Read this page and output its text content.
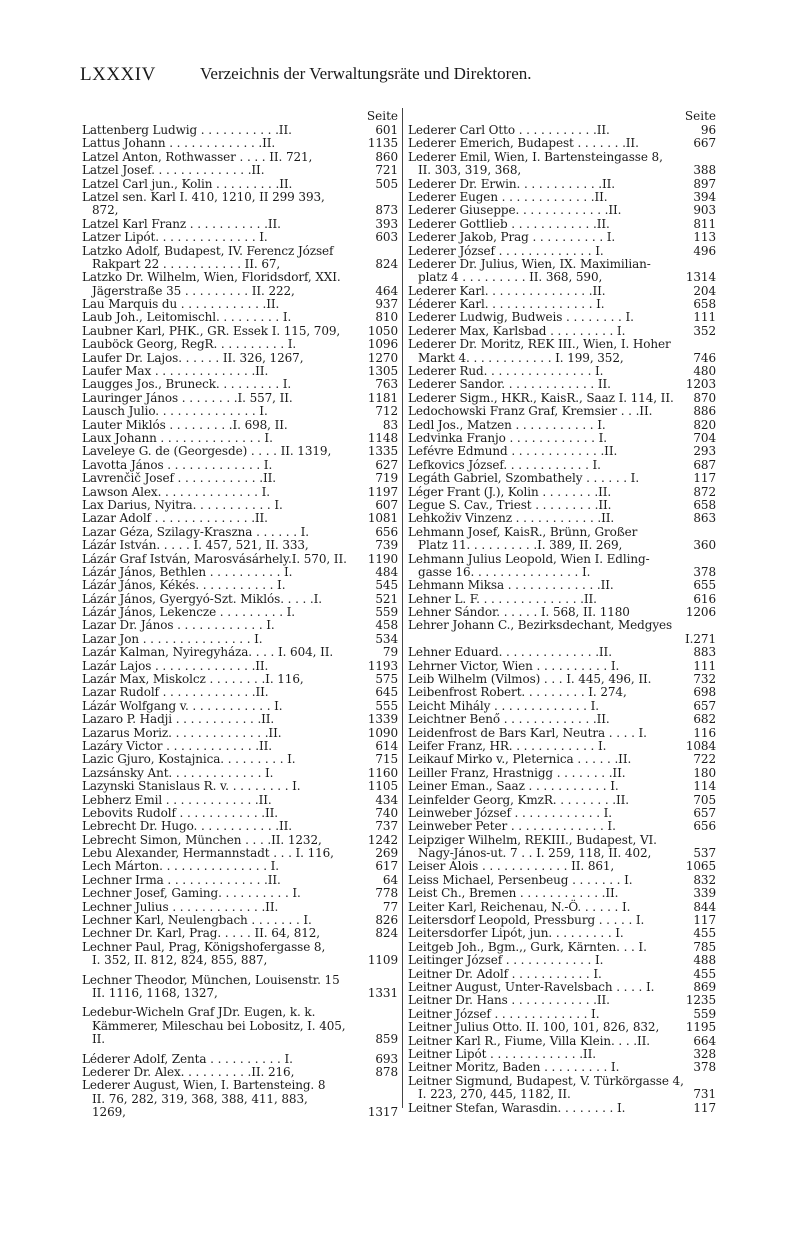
LXXXIV	Verzeichnis der Verwaltungsräte und Direktoren.
Seite
Lattenberg Ludwig . . . . . . . . . . .II.	601
Lattus Johann . . . . . . . . . . . . .II.	1135
Latzel Anton, Rothwasser . . . . II. 721,	860
Latzel Josef. . . . . . . . . . . . . .II.	721
Latzel Carl jun., Kolin . . . . . . . . .II.	505
Latzel sen. Karl I. 410, 1210, II 299 393,
872,	873
Latzel Karl Franz . . . . . . . . . . .II.	393
Latzer Lipót. . . . . . . . . . . . . . I.	603
Latzko Adolf, Budapest, IV. Ferencz József
Rakpart 22 . . . . . . . . . . . II. 67,	824
Latzko Dr. Wilhelm, Wien, Floridsdorf, XXI.
Jägerstraße 35 . . . . . . . . . II. 222,	464
Lau Marquis du . . . . . . . . . . . .II.	937
Laub Joh., Leitomischl. . . . . . . . . I.	810
Laubner Karl, PHK., GR. Essek I. 115, 709, 1050
Lauböck Georg, RegR. . . . . . . . . . I.	1096
Laufer Dr. Lajos. . . . . . II. 326, 1267,	1270
Laufer Max . . . . . . . . . . . . . .II.	1305
Laugges Jos., Bruneck. . . . . . . . . I.	763
Lauringer János . . . . . . . .I. 557, II.	1181
Lausch Julio. . . . . . . . . . . . . . I.	712
Lauter Miklós . . . . . . . . .I. 698, II.	83
Laux Johann . . . . . . . . . . . . . . I.	1148
Laveleye G. de (Georgesde) . . . . II. 1319,	1335
Lavotta János . . . . . . . . . . . . . I.	627
Lavrenčič Josef . . . . . . . . . . . .II.	719
Lawson Alex. . . . . . . . . . . . . . I.	1197
Lax Darius, Nyitra. . . . . . . . . . . I.	607
Lazar Adolf . . . . . . . . . . . . . .II.	1081
Lazar Géza, Szilagy-Kraszna . . . . . . I.	656
Lázár István. . . . . I. 457, 521, II. 333,	739
Lázár Graf István, Marosvásárhely.I. 570, II. 1190
Lázár János, Bethlen . . . . . . . . . . I.	484
Lázár János, Kékés. . . . . . . . . . . I.	545
Lázár János, Gyergyó-Szt. Miklós. . . . .I.	521
Lázár János, Lekencze . . . . . . . . . I.	559
Lazar Dr. János . . . . . . . . . . . . I.	458
Lazar Jon . . . . . . . . . . . . . . . I.	534
Lazár Kalman, Nyiregyháza. . . . I. 604, II.	79
Lazár Lajos . . . . . . . . . . . . . .II.	1193
Lazár Max, Miskolcz . . . . . . . .I. 116,	575
Lazar Rudolf . . . . . . . . . . . . .II.	645
Lázár Wolfgang v. . . . . . . . . . . . I.	555
Lazaro P. Hadji . . . . . . . . . . . .II.	1339
Lazarus Moriz. . . . . . . . . . . . . .II.	1090
Lazáry Victor . . . . . . . . . . . . .II.	614
Lazic Gjuro, Kostajnica. . . . . . . . . I.	715
Lazsánsky Ant. . . . . . . . . . . . . I.	1160
Lazynski Stanislaus R. v. . . . . . . . . I.	1105
Lebherz Emil . . . . . . . . . . . . .II.	434
Lebovits Rudolf . . . . . . . . . . . .II.	740
Lebrecht Dr. Hugo. . . . . . . . . . . .II.	737
Lebrecht Simon, München . . . .II. 1232,	1242
Lebu Alexander, Hermannstadt . . . I. 116,	269
Lech Márton. . . . . . . . . . . . . . . I.	617
Lechner Irma . . . . . . . . . . . . . .II.	64
Lechner Josef, Gaming. . . . . . . . . . I.	778
Lechner Julius . . . . . . . . . . . . .II.	77
Lechner Karl, Neulengbach . . . . . . . I.	826
Lechner Dr. Karl, Prag. . . . . II. 64, 812,	824
Lechner Paul, Prag, Königshofergasse 8,
I. 352, II. 812, 824, 855, 887,	1109
Lechner Theodor, München, Louisenstr. 15
II. 1116, 1168, 1327,	1331
Ledebur-Wicheln Graf JDr. Eugen, k. k.
Kämmerer, Mileschau bei Lobositz, I. 405,
II.	859
Léderer Adolf, Zenta . . . . . . . . . . I.	693
Lederer Dr. Alex. . . . . . . . . .II. 216,	878
Lederer August, Wien, I. Bartensteing. 8
II. 76, 282, 319, 368, 388, 411, 883,
1269,	1317
Seite
Lederer Carl Otto . . . . . . . . . . .II.	96
Lederer Emerich, Budapest . . . . . . .II.	667
Lederer Emil, Wien, I. Bartensteingasse 8,
II. 303, 319, 368,	388
Lederer Dr. Erwin. . . . . . . . . . . .II.	897
Lederer Eugen . . . . . . . . . . . . .II.	394
Lederer Giuseppe. . . . . . . . . . . . .II.	903
Lederer Gottlieb . . . . . . . . . . . .II.	811
Lederer Jakob, Prag . . . . . . . . . . I.	113
Lederer József . . . . . . . . . . . . . I.	496
Lederer Dr. Julius, Wien, IX. Maximilian-
platz 4 . . . . . . . . . II. 368, 590,	1314
Lederer Karl. . . . . . . . . . . . . . .II.	204
Léderer Karl. . . . . . . . . . . . . . . I.	658
Lederer Ludwig, Budweis . . . . . . . . I.	111
Lederer Max, Karlsbad . . . . . . . . . I.	352
Lederer Dr. Moritz, REK III., Wien, I. Hoher
Markt 4. . . . . . . . . . . . I. 199, 352,	746
Lederer Rud. . . . . . . . . . . . . . . I.	480
Lederer Sandor. . . . . . . . . . . . . II.	1203
Lederer Sigm., HKR., KaisR., Saaz I. 114, II. 870
Ledochowski Franz Graf, Kremsier . . .II.	886
Ledl Jos., Matzen . . . . . . . . . . . I.	820
Ledvinka Franjo . . . . . . . . . . . . I.	704
Lefévre Edmund . . . . . . . . . . . . .II.	293
Lefkovics József. . . . . . . . . . . . I.	687
Legáth Gabriel, Szombathely . . . . . . I.	117
Léger Frant (J.), Kolin . . . . . . . .II.	872
Legue S. Cav., Triest . . . . . . . . .II.	658
Lehkoživ Vinzenz . . . . . . . . . . . .II.	863
Lehmann Josef, KaisR., Brünn, Großer
Platz 11. . . . . . . . . .I. 389, II. 269,	360
Lehmann Julius Leopold, Wien I. Edling-
gasse 16. . . . . . . . . . . . . . . I.	378
Lehmann Miksa . . . . . . . . . . . . .II.	655
Lehner L. F. . . . . . . . . . . . . . .II.	616
Lehner Sándor. . . . . . I. 568, II. 1180	1206
Lehrer Johann C., Bezirksdechant, Medgyes
I.271
Lehner Eduard. . . . . . . . . . . . . .II.	883
Lehrner Victor, Wien . . . . . . . . . . I.	111
Leib Wilhelm (Vilmos) . . . I. 445, 496, II.	732
Leibenfrost Robert. . . . . . . . . I. 274,	698
Leicht Mihály . . . . . . . . . . . . . I.	657
Leichtner Benő . . . . . . . . . . . . .II.	682
Leidenfrost de Bars Karl, Neutra . . . . I.	116
Leifer Franz, HR. . . . . . . . . . . . I.	1084
Leikauf Mirko v., Pleternica . . . . . .II.	722
Leiller Franz, Hrastnigg . . . . . . . .II.	180
Leiner Eman., Saaz . . . . . . . . . . . I.	114
Leinfelder Georg, KmzR. . . . . . . . .II.	705
Leinweber József . . . . . . . . . . . . I.	657
Leinweber Peter . . . . . . . . . . . . . I.	656
Leipziger Wilhelm, REKIII., Budapest, VI.
Nagy-János-ut. 7 . . I. 259, 118, II. 402,	537
Leiser Alois . . . . . . . . . . . . II. 861,	1065
Leiss Michael, Persenbeug . . . . . . . I.	832
Leist Ch., Bremen . . . . . . . . . . . .II.	339
Leiter Karl, Reichenau, N.-Ö. . . . . . I.	844
Leitersdorf Leopold, Pressburg . . . . . I.	117
Leitersdorfer Lipót, jun. . . . . . . . . I.	455
Leitgeb Joh., Bgm.,, Gurk, Kärnten. . . I.	785
Leitinger József . . . . . . . . . . . . I.	488
Leitner Dr. Adolf . . . . . . . . . . . I.	455
Leitner August, Unter-Ravelsbach . . . . I.	869
Leitner Dr. Hans . . . . . . . . . . . .II.	1235
Leitner József . . . . . . . . . . . . . I.	559
Leitner Julius Otto. II. 100, 101, 826, 832, 1195
Leitner Karl R., Fiume, Villa Klein. . . .II.	664
Leitner Lipót . . . . . . . . . . . . .II.	328
Leitner Moritz, Baden . . . . . . . . . I.	378
Leitner Sigmund, Budapest, V. Türkörgasse 4,
I. 223, 270, 445, 1182, II.	731
Leitner Stefan, Warasdin. . . . . . . . I.	117
